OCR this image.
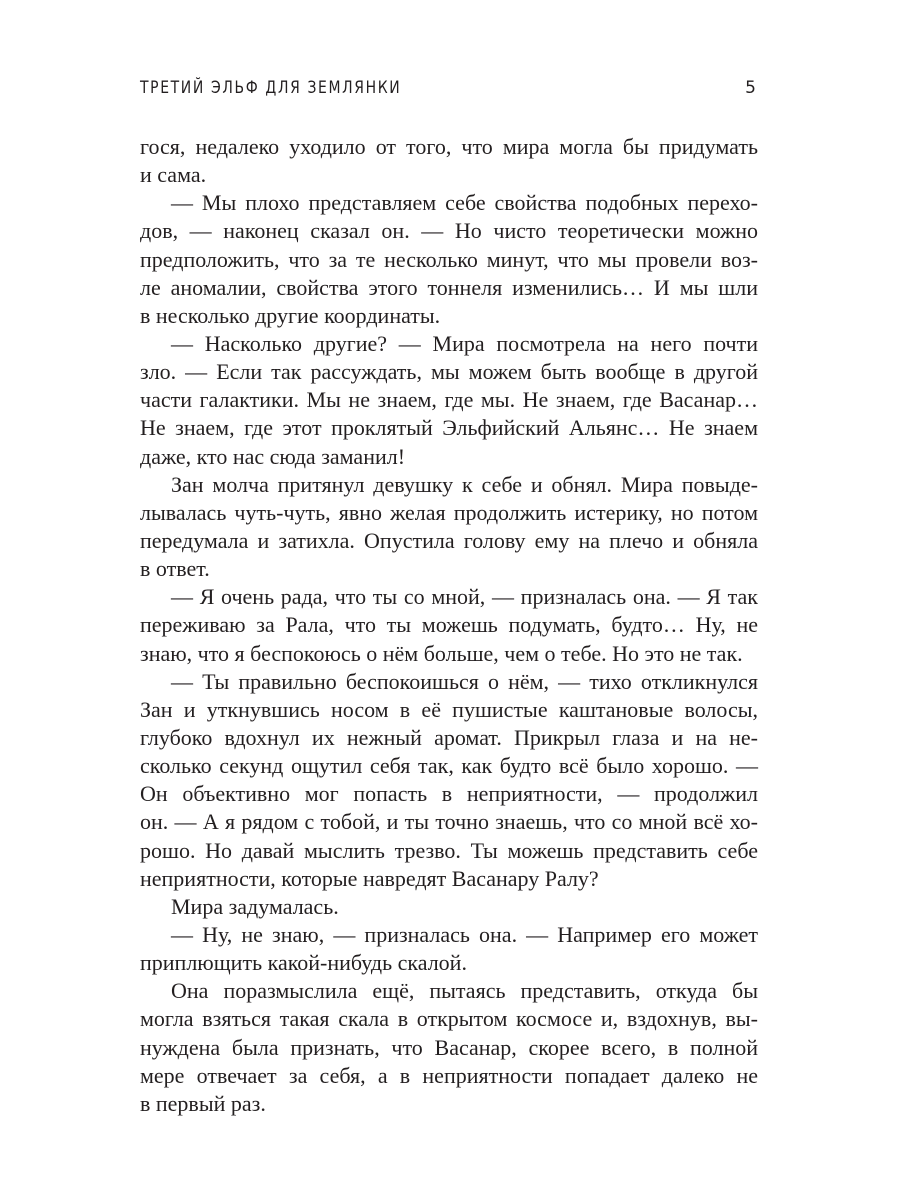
ТРЕТИЙ ЭЛЬФ ДЛЯ ЗЕМЛЯНКИ	5
гося, недалеко уходило от того, что мира могла бы придумать
и сама.
— Мы плохо представляем себе свойства подобных перехо-
дов, — наконец сказал он. — Но чисто теоретически можно
предположить, что за те несколько минут, что мы провели воз-
ле аномалии, свойства этого тоннеля изменились… И мы шли
в несколько другие координаты.
— Насколько другие? — Мира посмотрела на него почти
зло. — Если так рассуждать, мы можем быть вообще в другой
части галактики. Мы не знаем, где мы. Не знаем, где Васанар…
Не знаем, где этот проклятый Эльфийский Альянс… Не знаем
даже, кто нас сюда заманил!
Зан молча притянул девушку к себе и обнял. Мира повыде-
лывалась чуть-чуть, явно желая продолжить истерику, но потом
передумала и затихла. Опустила голову ему на плечо и обняла
в ответ.
— Я очень рада, что ты со мной, — призналась она. — Я так
переживаю за Рала, что ты можешь подумать, будто… Ну, не
знаю, что я беспокоюсь о нём больше, чем о тебе. Но это не так.
— Ты правильно беспокоишься о нём, — тихо откликнулся
Зан и уткнувшись носом в её пушистые каштановые волосы,
глубоко вдохнул их нежный аромат. Прикрыл глаза и на не-
сколько секунд ощутил себя так, как будто всё было хорошо. —
Он объективно мог попасть в неприятности, — продолжил
он. — А я рядом с тобой, и ты точно знаешь, что со мной всё хо-
рошо. Но давай мыслить трезво. Ты можешь представить себе
неприятности, которые навредят Васанару Ралу?
Мира задумалась.
— Ну, не знаю, — призналась она. — Например его может
приплющить какой-нибудь скалой.
Она поразмыслила ещё, пытаясь представить, откуда бы
могла взяться такая скала в открытом космосе и, вздохнув, вы-
нуждена была признать, что Васанар, скорее всего, в полной
мере отвечает за себя, а в неприятности попадает далеко не
в первый раз.
